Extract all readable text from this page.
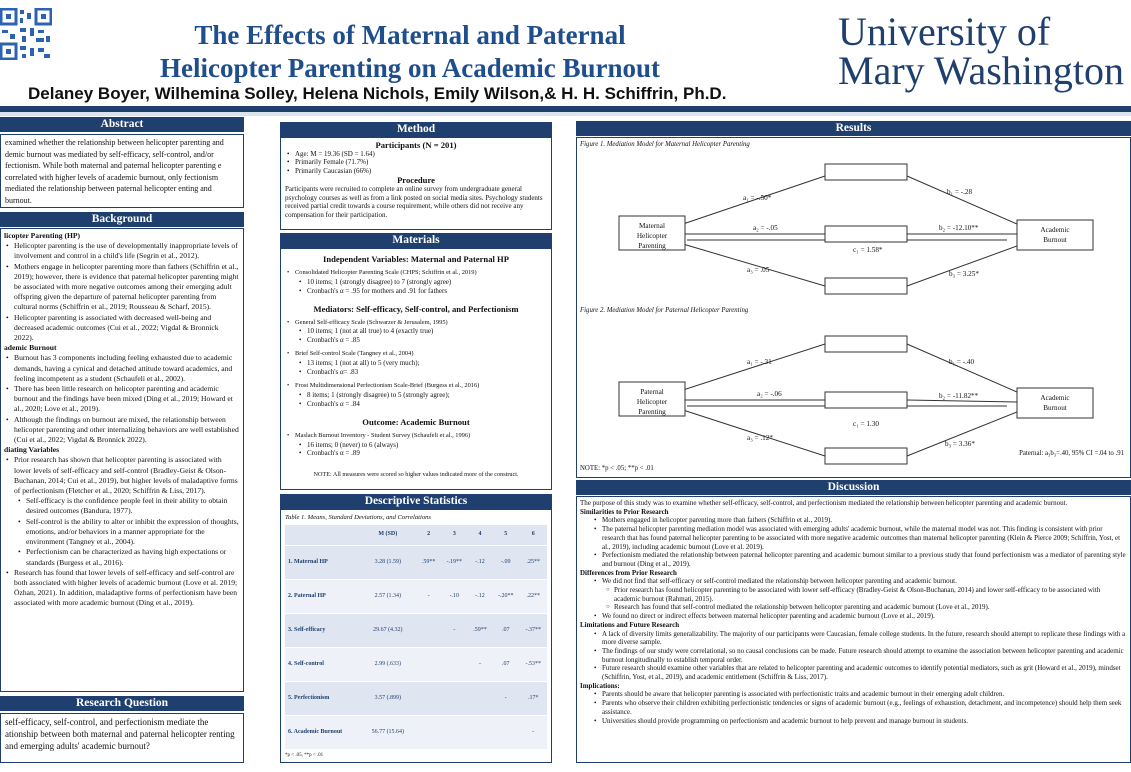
The Effects of Maternal and Paternal
Helicopter Parenting on Academic Burnout
Delaney Boyer, Wilhemina Solley, Helena Nichols, Emily Wilson,& H. H. Schiffrin, Ph.D.
University of
Mary Washington
Abstract

examined whether the relationship between helicopter parenting and demic burnout was mediated by self-efficacy, self-control, and/or fectionism. While both maternal and paternal helicopter parenting e correlated with higher levels of academic burnout, only fectionism mediated the relationship between paternal helicopter enting and burnout.

Background
licopter Parenting (HP)
• Helicopter parenting is the use of developmentally inappropriate levels of involvement and control in a child's life (Segrin et al., 2012).
• Mothers engage in helicopter parenting more than fathers (Schiffrin et al., 2019); however, there is evidence that paternal helicopter parenting might be associated with more negative outcomes among their emerging adult offspring given the departure of paternal helicopter parenting from cultural norms (Schiffrin et al., 2019; Rousseau & Scharf, 2015).
• Helicopter parenting is associated with decreased well-being and decreased academic outcomes (Cui et al., 2022; Vigdal & Bronnick 2022).
ademic Burnout
• Burnout has 3 components including feeling exhausted due to academic demands, having a cynical and detached attitude toward academics, and feeling incompetent as a student (Schaufeli et al., 2002).
• There has been little research on helicopter parenting and academic burnout and the findings have been mixed (Ding et al., 2019; Howard et al., 2020; Love et al., 2019).
• Although the findings on burnout are mixed, the relationship between helicopter parenting and other internalizing behaviors are well established (Cui et al., 2022; Vigdal & Bronnick 2022).
diating Variables
• Prior research has shown that helicopter parenting is associated with lower levels of self-efficacy and self-control (Bradley-Geist & Olson-Buchanan, 2014; Cui et al., 2019), but higher levels of maladaptive forms of perfectionism (Fletcher et al., 2020; Schiffrin & Liss, 2017).
• Self-efficacy is the confidence people feel in their ability to obtain desired outcomes (Bandura, 1977).
• Self-control is the ability to alter or inhibit the expression of thoughts, emotions, and/or behaviors in a manner appropriate for the environment (Tangney et al., 2004).
• Perfectionism can be characterized as having high expectations or standards (Burgess et al., 2016).
• Research has found that lower levels of self-efficacy and self-control are both associated with higher levels of academic burnout (Love et al. 2019; Özhan, 2021). In addition, maladaptive forms of perfectionism have been associated with more academic burnout (Ding et al., 2019).
Research Question

self-efficacy, self-control, and perfectionism mediate the ationship between both maternal and paternal helicopter renting and emerging adults' academic burnout?

Method
Participants (N = 201)
• Age: M = 19.36 (SD = 1.64)
• Primarily Female (71.7%)
• Primarily Caucasian (66%)
Procedure

Participants were recruited to complete an online survey from undergraduate general psychology courses as well as from a link posted on social media sites. Psychology students received partial credit towards a course requirement, while others did not receive any compensation for their participation.

Materials
Independent Variables: Maternal and Paternal HP
• Consolidated Helicopter Parenting Scale (CHPS; Schiffrin et al., 2019)
• 10 items; 1 (strongly disagree) to 7 (strongly agree)
• Cronbach's α = .95 for mothers and .91 for fathers
Mediators: Self-efficacy, Self-control, and Perfectionism
• General Self-efficacy Scale (Schwarzer & Jerusalem, 1995)
• 10 items; 1 (not at all true) to 4 (exactly true)
• Cronbach's α = .85
• Brief Self-control Scale (Tangney et al., 2004)
• 13 items; 1 (not at all) to 5 (very much);
• Cronbach's α= .83
• Frost Multidimensional Perfectionism Scale-Brief (Burgess et al., 2016)
• 8 items; 1 (strongly disagree) to 5 (strongly agree);
• Cronbach's α = .84
Outcome: Academic Burnout
• Maslach Burnout Inventory - Student Survey (Schaufeli et al., 1996)
• 16 items; 0 (never) to 6 (always)
• Cronbach's α = .89
NOTE: All measures were scored so higher values indicated more of the construct.
Descriptive Statistics
Table 1. Means, Standard Deviations, and Correlations
	M (SD)	2	3	4	5	6
1. Maternal HP	3.28 (1.59)	.59**	-.19**	-.12	-.09	.25**
2. Paternal HP	2.57 (1.34)	-	-.10	-.12	-.20**	.22**
3. Self-efficacy	29.67 (4.32)		-	.59**	.07	-.37**
4. Self-control	2.99 (.633)			-	.07	-.53**
5. Perfectionism	3.57 (.899)				-	.17*
6. Academic Burnout	56.77 (15.64)					-
*p < .05, **p < .01
Results
Figure 1. Mediation Model for Maternal Helicopter Parenting
Maternal
Helicopter
Parenting
Academic
Burnout
a₁ = -.50*
a₂ = -.05
a₃ = .05
b₁ = -.28
b₂ = -12.10**
b₃ = 3.25*
c₁ = 1.58*
Figure 2. Mediation Model for Paternal Helicopter Parenting
Paternal
Helicopter
Parenting
Academic
Burnout
a₁ = -.31
a₂ = -.06
a₃ = .12*
b₁ = -.40
b₂ = -11.82**
b₃ = 3.36*
c₁ = 1.30
NOTE: *p < .05; **p < .01
Paternal: a₃b₃=.40, 95% CI =.04 to .91
Discussion
The purpose of this study was to examine whether self-efficacy, self-control, and perfectionism mediated the relationship between helicopter parenting and academic burnout.
Similarities to Prior Research
• Mothers engaged in helicopter parenting more than fathers (Schiffrin et al., 2019).
• The paternal helicopter parenting mediation model was associated with emerging adults' academic burnout, while the maternal model was not. This finding is consistent with prior research that has found paternal helicopter parenting to be associated with more negative academic outcomes than maternal helicopter parenting (Klein & Pierce 2009; Schiffrin, Yost, et al., 2019), including academic burnout (Love et al. 2019).
• Perfectionism mediated the relationship between paternal helicopter parenting and academic burnout similar to a previous study that found perfectionism was a mediator of parenting style and burnout (Ding et al., 2019).
Differences from Prior Research
• We did not find that self-efficacy or self-control mediated the relationship between helicopter parenting and academic burnout.
○ Prior research has found helicopter parenting to be associated with lower self-efficacy (Bradley-Geist & Olson-Buchanan, 2014) and lower self-efficacy to be associated with academic burnout (Rahmati, 2015).
○ Research has found that self-control mediated the relationship between helicopter parenting and academic burnout (Love et al., 2019).
• We found no direct or indirect effects between maternal helicopter parenting and academic burnout (Love et al., 2019).
Limitations and Future Research
• A lack of diversity limits generalizability. The majority of our participants were Caucasian, female college students. In the future, research should attempt to replicate these findings with a more diverse sample.
• The findings of our study were correlational, so no causal conclusions can be made. Future research should attempt to examine the association between helicopter parenting and academic burnout longitudinally to establish temporal order.
• Future research should examine other variables that are related to helicopter parenting and academic outcomes to identify potential mediators, such as grit (Howard et al., 2019), mindset (Schiffrin, Yost, et al., 2019), and academic entitlement (Schiffrin & Liss, 2017).
Implications:
• Parents should be aware that helicopter parenting is associated with perfectionistic traits and academic burnout in their emerging adult children.
• Parents who observe their children exhibiting perfectionistic tendencies or signs of academic burnout (e.g., feelings of exhaustion, detachment, and incompetence) should help them seek assistance.
• Universities should provide programming on perfectionism and academic burnout to help prevent and manage burnout in students.
